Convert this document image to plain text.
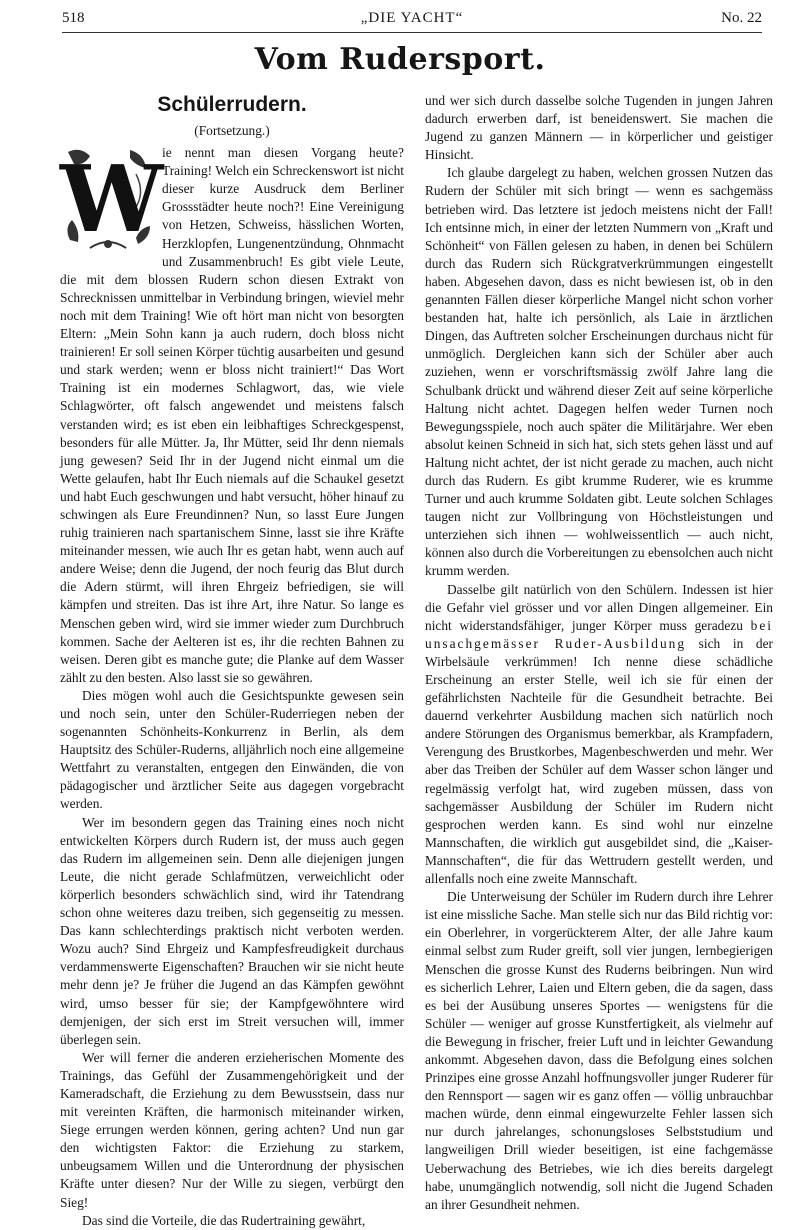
518	„DIE YACHT“	No. 22
Vom Rudersport.
Schülerrudern.
(Fortsetzung.)
W

ie nennt man diesen Vorgang heute? Training! Welch ein Schreckenswort ist nicht dieser kurze Ausdruck dem Berliner Grossstädter heute noch?! Eine Vereinigung von Hetzen, Schweiss, hässlichen Worten, Herzklopfen, Lungenentzündung, Ohnmacht und Zusammenbruch! Es gibt viele Leute, die mit dem blossen Rudern schon diesen Extrakt von Schrecknissen unmittelbar in Verbindung bringen, wieviel mehr noch mit dem Training! Wie oft hört man nicht von besorgten Eltern: „Mein Sohn kann ja auch rudern, doch bloss nicht trainieren! Er soll seinen Körper tüchtig ausarbeiten und gesund und stark werden; wenn er bloss nicht trainiert!“ Das Wort Training ist ein modernes Schlagwort, das, wie viele Schlagwörter, oft falsch angewendet und meistens falsch verstanden wird; es ist eben ein leibhaftiges Schreckgespenst, besonders für alle Mütter. Ja, Ihr Mütter, seid Ihr denn niemals jung gewesen? Seid Ihr in der Jugend nicht einmal um die Wette gelaufen, habt Ihr Euch niemals auf die Schaukel gesetzt und habt Euch geschwungen und habt versucht, höher hinauf zu schwingen als Eure Freundinnen? Nun, so lasst Eure Jungen ruhig trainieren nach spartanischem Sinne, lasst sie ihre Kräfte miteinander messen, wie auch Ihr es getan habt, wenn auch auf andere Weise; denn die Jugend, der noch feurig das Blut durch die Adern stürmt, will ihren Ehrgeiz befriedigen, sie will kämpfen und streiten. Das ist ihre Art, ihre Natur. So lange es Menschen geben wird, wird sie immer wieder zum Durchbruch kommen. Sache der Aelteren ist es, ihr die rechten Bahnen zu weisen. Deren gibt es manche gute; die Planke auf dem Wasser zählt zu den besten. Also lasst sie so gewähren.

Dies mögen wohl auch die Gesichtspunkte gewesen sein und noch sein, unter den Schüler-Ruderriegen neben der sogenannten Schönheits-Konkurrenz in Berlin, als dem Hauptsitz des Schüler-Ruderns, alljährlich noch eine allgemeine Wettfahrt zu veranstalten, entgegen den Einwänden, die von pädagogischer und ärztlicher Seite aus dagegen vorgebracht werden.

Wer im besondern gegen das Training eines noch nicht entwickelten Körpers durch Rudern ist, der muss auch gegen das Rudern im allgemeinen sein. Denn alle diejenigen jungen Leute, die nicht gerade Schlafmützen, verweichlicht oder körperlich besonders schwächlich sind, wird ihr Tatendrang schon ohne weiteres dazu treiben, sich gegenseitig zu messen. Das kann schlechterdings praktisch nicht verboten werden. Wozu auch? Sind Ehrgeiz und Kampfesfreudigkeit durchaus verdammenswerte Eigenschaften? Brauchen wir sie nicht heute mehr denn je? Je früher die Jugend an das Kämpfen gewöhnt wird, umso besser für sie; der Kampfgewöhntere wird demjenigen, der sich erst im Streit versuchen will, immer überlegen sein.

Wer will ferner die anderen erzieherischen Momente des Trainings, das Gefühl der Zusammengehörigkeit und der Kameradschaft, die Erziehung zu dem Bewusstsein, dass nur mit vereinten Kräften, die harmonisch miteinander wirken, Siege errungen werden können, gering achten? Und nun gar den wichtigsten Faktor: die Erziehung zu starkem, unbeugsamem Willen und die Unterordnung der physischen Kräfte unter diesen? Nur der Wille zu siegen, verbürgt den Sieg!

Das sind die Vorteile, die das Rudertraining gewährt,

und wer sich durch dasselbe solche Tugenden in jungen Jahren dadurch erwerben darf, ist beneidenswert. Sie machen die Jugend zu ganzen Männern — in körperlicher und geistiger Hinsicht.

Ich glaube dargelegt zu haben, welchen grossen Nutzen das Rudern der Schüler mit sich bringt — wenn es sachgemäss betrieben wird. Das letztere ist jedoch meistens nicht der Fall! Ich entsinne mich, in einer der letzten Nummern von „Kraft und Schönheit“ von Fällen gelesen zu haben, in denen bei Schülern durch das Rudern sich Rückgratverkrümmungen eingestellt haben. Abgesehen davon, dass es nicht bewiesen ist, ob in den genannten Fällen dieser körperliche Mangel nicht schon vorher bestanden hat, halte ich persönlich, als Laie in ärztlichen Dingen, das Auftreten solcher Erscheinungen durchaus nicht für unmöglich. Dergleichen kann sich der Schüler aber auch zuziehen, wenn er vorschriftsmässig zwölf Jahre lang die Schulbank drückt und während dieser Zeit auf seine körperliche Haltung nicht achtet. Dagegen helfen weder Turnen noch Bewegungsspiele, noch auch später die Militärjahre. Wer eben absolut keinen Schneid in sich hat, sich stets gehen lässt und auf Haltung nicht achtet, der ist nicht gerade zu machen, auch nicht durch das Rudern. Es gibt krumme Ruderer, wie es krumme Turner und auch krumme Soldaten gibt. Leute solchen Schlages taugen nicht zur Vollbringung von Höchstleistungen und unterziehen sich ihnen — wohlweissentlich — auch nicht, können also durch die Vorbereitungen zu ebensolchen auch nicht krumm werden.

Dasselbe gilt natürlich von den Schülern. Indessen ist hier die Gefahr viel grösser und vor allen Dingen allgemeiner. Ein nicht widerstandsfähiger, junger Körper muss geradezu bei unsachgemässer Ruder-Ausbildung sich in der Wirbelsäule verkrümmen! Ich nenne diese schädliche Erscheinung an erster Stelle, weil ich sie für einen der gefährlichsten Nachteile für die Gesundheit betrachte. Bei dauernd verkehrter Ausbildung machen sich natürlich noch andere Störungen des Organismus bemerkbar, als Krampfadern, Verengung des Brustkorbes, Magenbeschwerden und mehr. Wer aber das Treiben der Schüler auf dem Wasser schon länger und regelmässig verfolgt hat, wird zugeben müssen, dass von sachgemässer Ausbildung der Schüler im Rudern nicht gesprochen werden kann. Es sind wohl nur einzelne Mannschaften, die wirklich gut ausgebildet sind, die „Kaiser-Mannschaften“, die für das Wettrudern gestellt werden, und allenfalls noch eine zweite Mannschaft.

Die Unterweisung der Schüler im Rudern durch ihre Lehrer ist eine missliche Sache. Man stelle sich nur das Bild richtig vor: ein Oberlehrer, in vorgerückterem Alter, der alle Jahre kaum einmal selbst zum Ruder greift, soll vier jungen, lernbegierigen Menschen die grosse Kunst des Ruderns beibringen. Nun wird es sicherlich Lehrer, Laien und Eltern geben, die da sagen, dass es bei der Ausübung unseres Sportes — wenigstens für die Schüler — weniger auf grosse Kunstfertigkeit, als vielmehr auf die Bewegung in frischer, freier Luft und in leichter Gewandung ankommt. Abgesehen davon, dass die Befolgung eines solchen Prinzipes eine grosse Anzahl hoffnungsvoller junger Ruderer für den Rennsport — sagen wir es ganz offen — völlig unbrauchbar machen würde, denn einmal eingewurzelte Fehler lassen sich nur durch jahrelanges, schonungsloses Selbststudium und langweiligen Drill wieder beseitigen, ist eine fachgemässe Ueberwachung des Betriebes, wie ich dies bereits dargelegt habe, unumgänglich notwendig, soll nicht die Jugend Schaden an ihrer Gesundheit nehmen.
